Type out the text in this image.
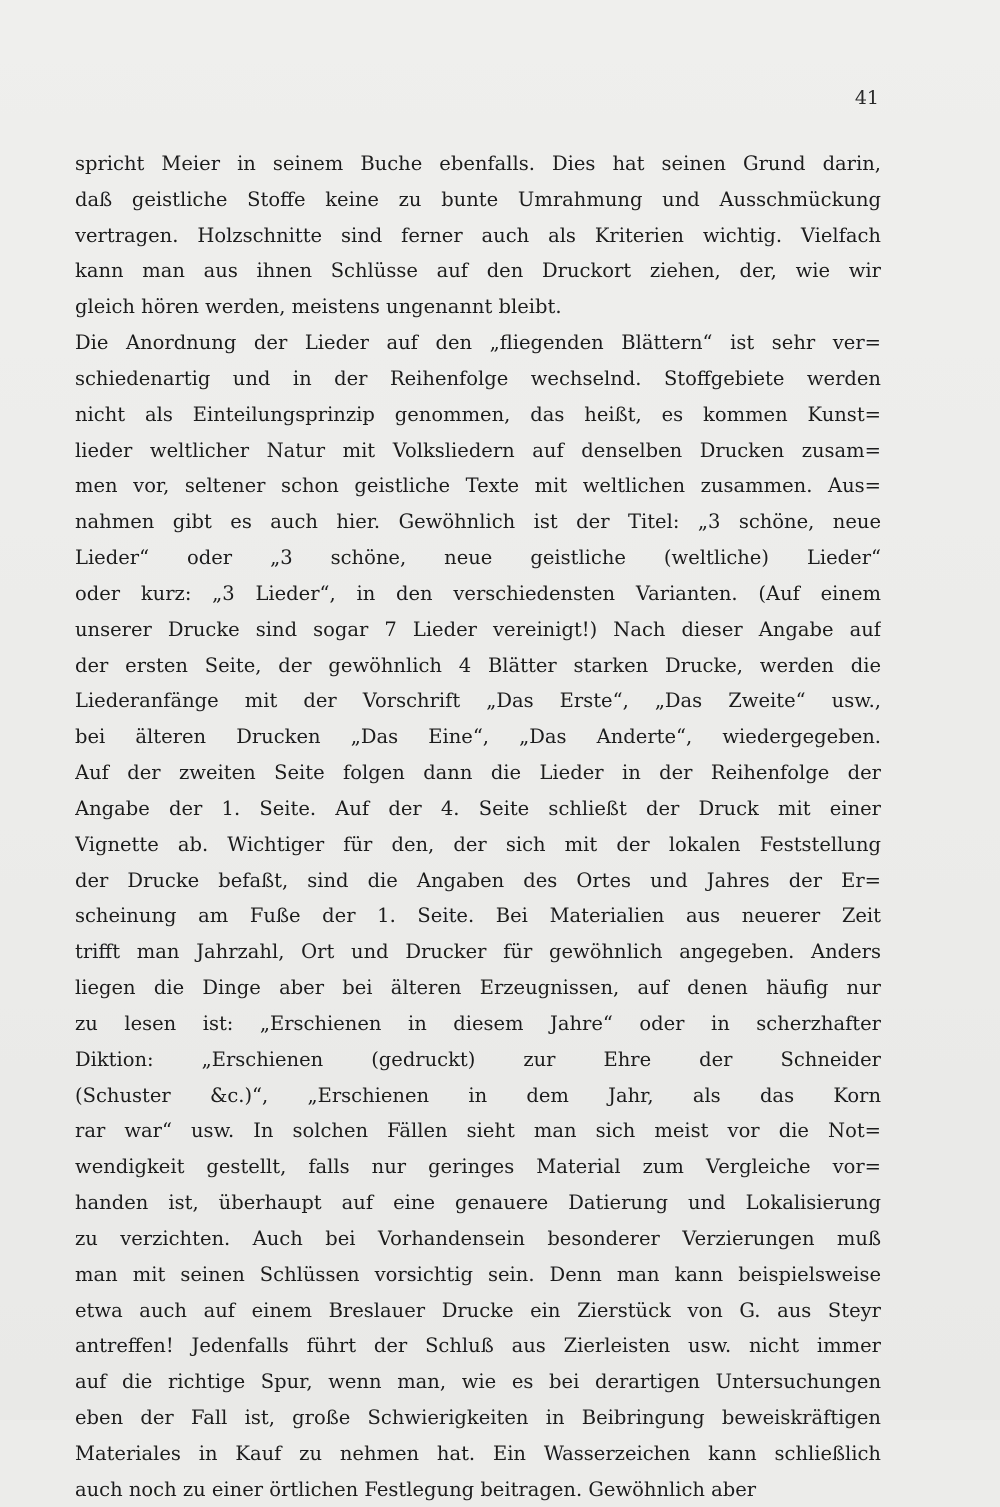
41
spricht Meier in seinem Buche ebenfalls. Dies hat seinen Grund darin,
daß geistliche Stoffe keine zu bunte Umrahmung und Ausschmückung
vertragen. Holzschnitte sind ferner auch als Kriterien wichtig. Vielfach
kann man aus ihnen Schlüsse auf den Druckort ziehen, der, wie wir
gleich hören werden, meistens ungenannt bleibt.
Die Anordnung der Lieder auf den „fliegenden Blättern“ ist sehr ver=
schiedenartig und in der Reihenfolge wechselnd. Stoffgebiete werden
nicht als Einteilungsprinzip genommen, das heißt, es kommen Kunst=
lieder weltlicher Natur mit Volksliedern auf denselben Drucken zusam=
men vor, seltener schon geistliche Texte mit weltlichen zusammen. Aus=
nahmen gibt es auch hier. Gewöhnlich ist der Titel: „3 schöne, neue
Lieder“ oder „3 schöne, neue geistliche (weltliche) Lieder“
oder kurz: „3 Lieder“, in den verschiedensten Varianten. (Auf einem
unserer Drucke sind sogar 7 Lieder vereinigt!) Nach dieser Angabe auf
der ersten Seite, der gewöhnlich 4 Blätter starken Drucke, werden die
Liederanfänge mit der Vorschrift „Das Erste“, „Das Zweite“ usw.,
bei älteren Drucken „Das Eine“, „Das Anderte“, wiedergegeben.
Auf der zweiten Seite folgen dann die Lieder in der Reihenfolge der
Angabe der 1. Seite. Auf der 4. Seite schließt der Druck mit einer
Vignette ab. Wichtiger für den, der sich mit der lokalen Feststellung
der Drucke befaßt, sind die Angaben des Ortes und Jahres der Er=
scheinung am Fuße der 1. Seite. Bei Materialien aus neuerer Zeit
trifft man Jahrzahl, Ort und Drucker für gewöhnlich angegeben. Anders
liegen die Dinge aber bei älteren Erzeugnissen, auf denen häufig nur
zu lesen ist: „Erschienen in diesem Jahre“ oder in scherzhafter
Diktion: „Erschienen (gedruckt) zur Ehre der Schneider
(Schuster &c.)“, „Erschienen in dem Jahr, als das Korn
rar war“ usw. In solchen Fällen sieht man sich meist vor die Not=
wendigkeit gestellt, falls nur geringes Material zum Vergleiche vor=
handen ist, überhaupt auf eine genauere Datierung und Lokalisierung
zu verzichten. Auch bei Vorhandensein besonderer Verzierungen muß
man mit seinen Schlüssen vorsichtig sein. Denn man kann beispielsweise
etwa auch auf einem Breslauer Drucke ein Zierstück von G. aus Steyr
antreffen! Jedenfalls führt der Schluß aus Zierleisten usw. nicht immer
auf die richtige Spur, wenn man, wie es bei derartigen Untersuchungen
eben der Fall ist, große Schwierigkeiten in Beibringung beweiskräftigen
Materiales in Kauf zu nehmen hat. Ein Wasserzeichen kann schließlich
auch noch zu einer örtlichen Festlegung beitragen. Gewöhnlich aber
